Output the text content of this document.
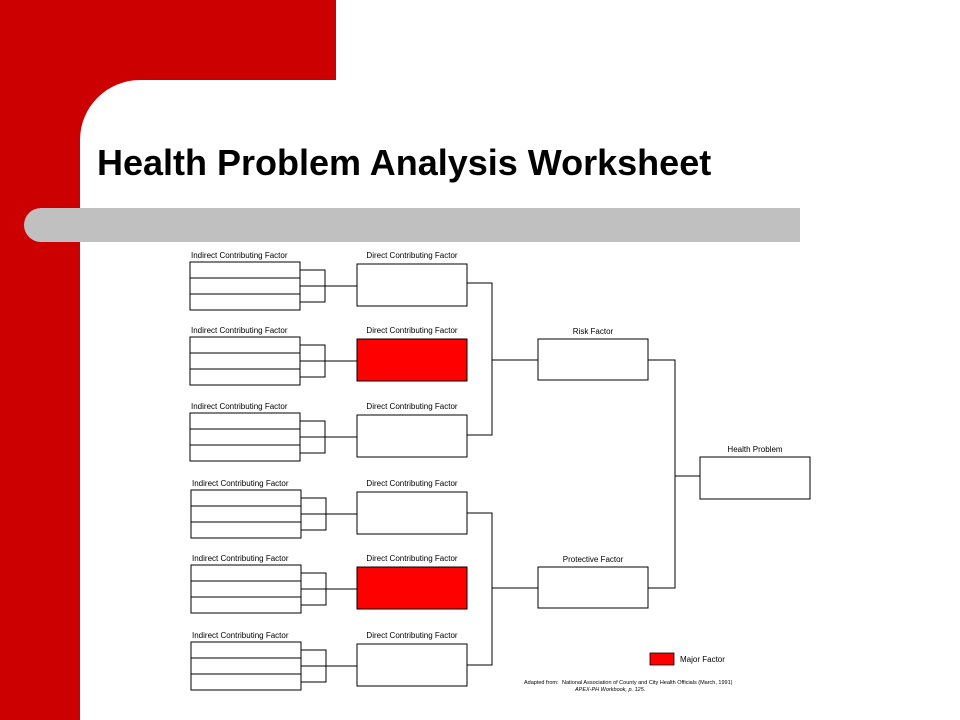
Health Problem Analysis Worksheet
Indirect Contributing Factor	Direct Contributing Factor
Indirect Contributing Factor	Direct Contributing Factor
Indirect Contributing Factor	Direct Contributing Factor
Indirect Contributing Factor	Direct Contributing Factor
Indirect Contributing Factor	Direct Contributing Factor
Indirect Contributing Factor	Direct Contributing Factor
Risk Factor
Protective Factor
Health Problem
Major Factor
Adapted from: National Association of County and City Health Officials (March, 1991)
APEX-PH Workbook, p. 125.
